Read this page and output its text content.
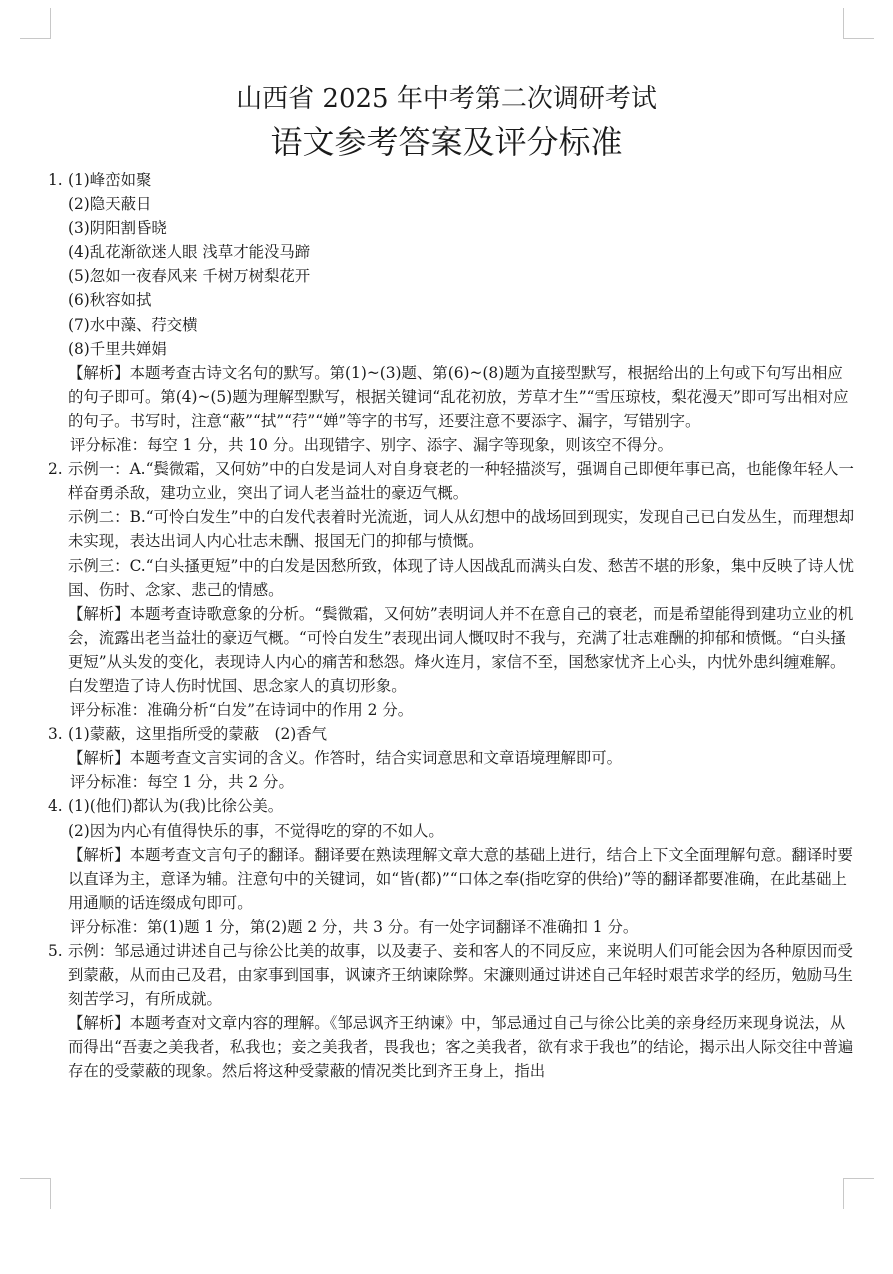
山西省 2025 年中考第二次调研考试
语文参考答案及评分标准
1. (1)峰峦如聚

(2)隐天蔽日

(3)阴阳割昏晓

(4)乱花渐欲迷人眼 浅草才能没马蹄

(5)忽如一夜春风来 千树万树梨花开

(6)秋容如拭

(7)水中藻、荇交横

(8)千里共婵娟

【解析】本题考查古诗文名句的默写。第(1)~(3)题、第(6)~(8)题为直接型默写，根据给出的上句或下句写出相应的句子即可。第(4)~(5)题为理解型默写，根据关键词“乱花初放，芳草才生”“雪压琼枝，梨花漫天”即可写出相对应的句子。书写时，注意“蔽”“拭”“荇”“婵”等字的书写，还要注意不要添字、漏字，写错别字。

评分标准：每空 1 分，共 10 分。出现错字、别字、添字、漏字等现象，则该空不得分。

2. 示例一：A.“鬓微霜，又何妨”中的白发是词人对自身衰老的一种轻描淡写，强调自己即便年事已高，也能像年轻人一样奋勇杀敌，建功立业，突出了词人老当益壮的豪迈气概。

示例二：B.“可怜白发生”中的白发代表着时光流逝，词人从幻想中的战场回到现实，发现自己已白发丛生，而理想却未实现，表达出词人内心壮志未酬、报国无门的抑郁与愤慨。

示例三：C.“白头搔更短”中的白发是因愁所致，体现了诗人因战乱而满头白发、愁苦不堪的形象，集中反映了诗人忧国、伤时、念家、悲己的情感。

【解析】本题考查诗歌意象的分析。“鬓微霜，又何妨”表明词人并不在意自己的衰老，而是希望能得到建功立业的机会，流露出老当益壮的豪迈气概。“可怜白发生”表现出词人慨叹时不我与，充满了壮志难酬的抑郁和愤慨。“白头搔更短”从头发的变化，表现诗人内心的痛苦和愁怨。烽火连月，家信不至，国愁家忧齐上心头，内忧外患纠缠难解。白发塑造了诗人伤时忧国、思念家人的真切形象。

评分标准：准确分析“白发”在诗词中的作用 2 分。

3. (1)蒙蔽，这里指所受的蒙蔽　(2)香气

【解析】本题考查文言实词的含义。作答时，结合实词意思和文章语境理解即可。

评分标准：每空 1 分，共 2 分。

4. (1)(他们)都认为(我)比徐公美。

(2)因为内心有值得快乐的事，不觉得吃的穿的不如人。

【解析】本题考查文言句子的翻译。翻译要在熟读理解文章大意的基础上进行，结合上下文全面理解句意。翻译时要以直译为主，意译为辅。注意句中的关键词，如“皆(都)”“口体之奉(指吃穿的供给)”等的翻译都要准确，在此基础上用通顺的话连缀成句即可。

评分标准：第(1)题 1 分，第(2)题 2 分，共 3 分。有一处字词翻译不准确扣 1 分。

5. 示例：邹忌通过讲述自己与徐公比美的故事，以及妻子、妾和客人的不同反应，来说明人们可能会因为各种原因而受到蒙蔽，从而由己及君，由家事到国事，讽谏齐王纳谏除弊。宋濂则通过讲述自己年轻时艰苦求学的经历，勉励马生刻苦学习，有所成就。

【解析】本题考查对文章内容的理解。《邹忌讽齐王纳谏》中，邹忌通过自己与徐公比美的亲身经历来现身说法，从而得出“吾妻之美我者，私我也；妾之美我者，畏我也；客之美我者，欲有求于我也”的结论，揭示出人际交往中普遍存在的受蒙蔽的现象。然后将这种受蒙蔽的情况类比到齐王身上，指出
